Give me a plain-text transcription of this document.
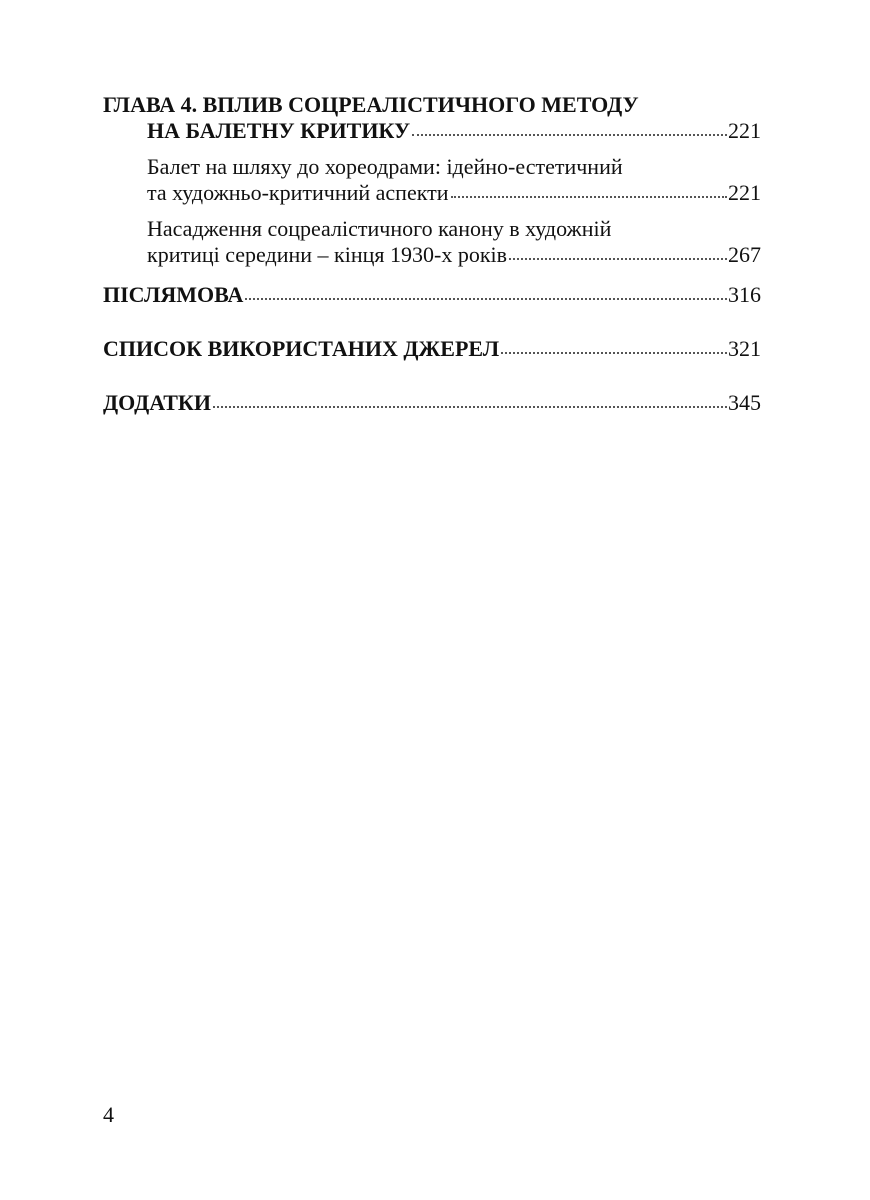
ГЛАВА 4. ВПЛИВ СОЦРЕАЛІСТИЧНОГО МЕТОДУ
НА БАЛЕТНУ КРИТИКУ	221
Балет на шляху до хореодрами: ідейно-естетичний
та художньо-критичний аспекти	221
Насадження соцреалістичного канону в художній
критиці середини – кінця 1930-х років	267
ПІСЛЯМОВА	316
СПИСОК ВИКОРИСТАНИХ ДЖЕРЕЛ	321
ДОДАТКИ	345
4
